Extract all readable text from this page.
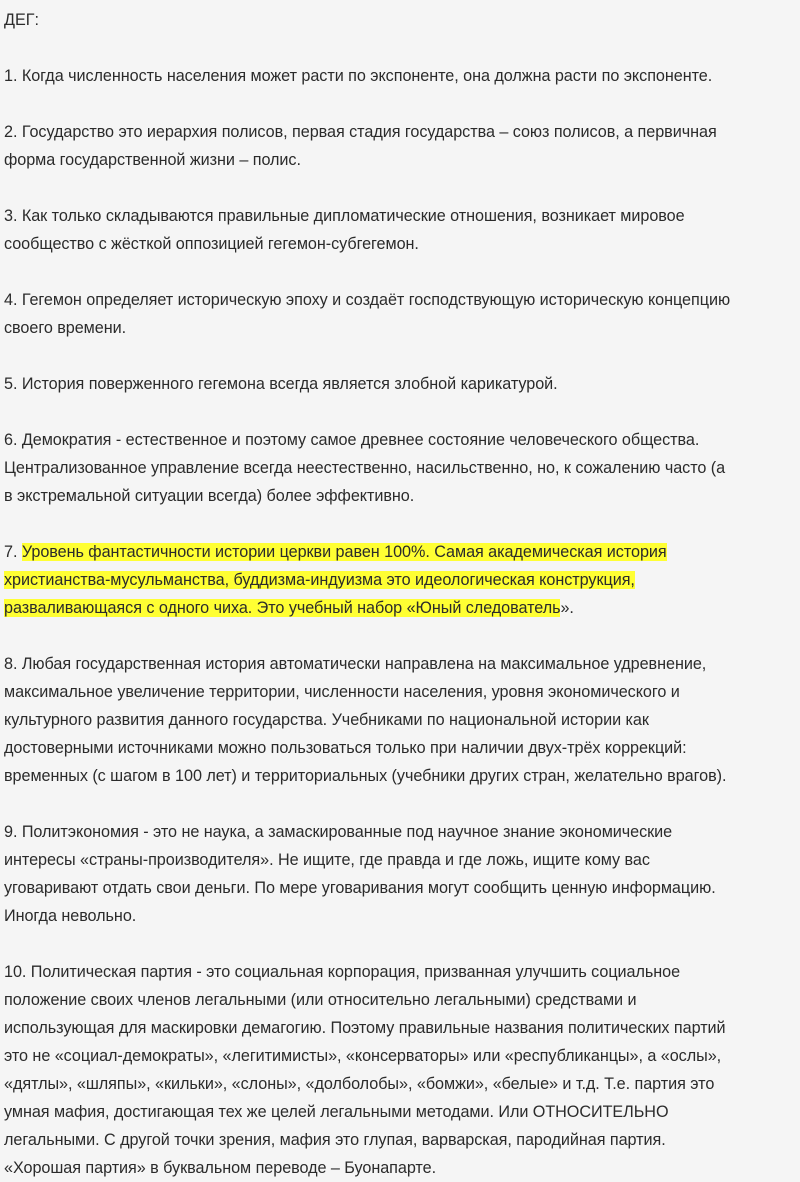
ДЕГ:
1. Когда численность населения может расти по экспоненте, она должна расти по экспоненте.
2. Государство это иерархия полисов, первая стадия государства – союз полисов, а первичная
форма государственной жизни – полис.
3. Как только складываются правильные дипломатические отношения, возникает мировое
сообщество с жёсткой оппозицией гегемон-субгегемон.
4. Гегемон определяет историческую эпоху и создаёт господствующую историческую концепцию
своего времени.
5. История поверженного гегемона всегда является злобной карикатурой.
6. Демократия - естественное и поэтому самое древнее состояние человеческого общества.
Централизованное управление всегда неестественно, насильственно, но, к сожалению часто (а
в экстремальной ситуации всегда) более эффективно.
7. Уровень фантастичности истории церкви равен 100%. Самая академическая история
христианства-мусульманства, буддизма-индуизма это идеологическая конструкция,
разваливающаяся с одного чиха. Это учебный набор «Юный следователь».
8. Любая государственная история автоматически направлена на максимальное удревнение,
максимальное увеличение территории, численности населения, уровня экономического и
культурного развития данного государства. Учебниками по национальной истории как
достоверными источниками можно пользоваться только при наличии двух-трёх коррекций:
временных (с шагом в 100 лет) и территориальных (учебники других стран, желательно врагов).
9. Политэкономия - это не наука, а замаскированные под научное знание экономические
интересы «страны-производителя». Не ищите, где правда и где ложь, ищите кому вас
уговаривают отдать свои деньги. По мере уговаривания могут сообщить ценную информацию.
Иногда невольно.
10. Политическая партия - это социальная корпорация, призванная улучшить социальное
положение своих членов легальными (или относительно легальными) средствами и
использующая для маскировки демагогию. Поэтому правильные названия политических партий
это не «социал-демократы», «легитимисты», «консерваторы» или «республиканцы», а «ослы»,
«дятлы», «шляпы», «кильки», «слоны», «долболобы», «бомжи», «белые» и т.д. Т.е. партия это
умная мафия, достигающая тех же целей легальными методами. Или ОТНОСИТЕЛЬНО
легальными. С другой точки зрения, мафия это глупая, варварская, пародийная партия.
«Хорошая партия» в буквальном переводе – Буонапарте.
